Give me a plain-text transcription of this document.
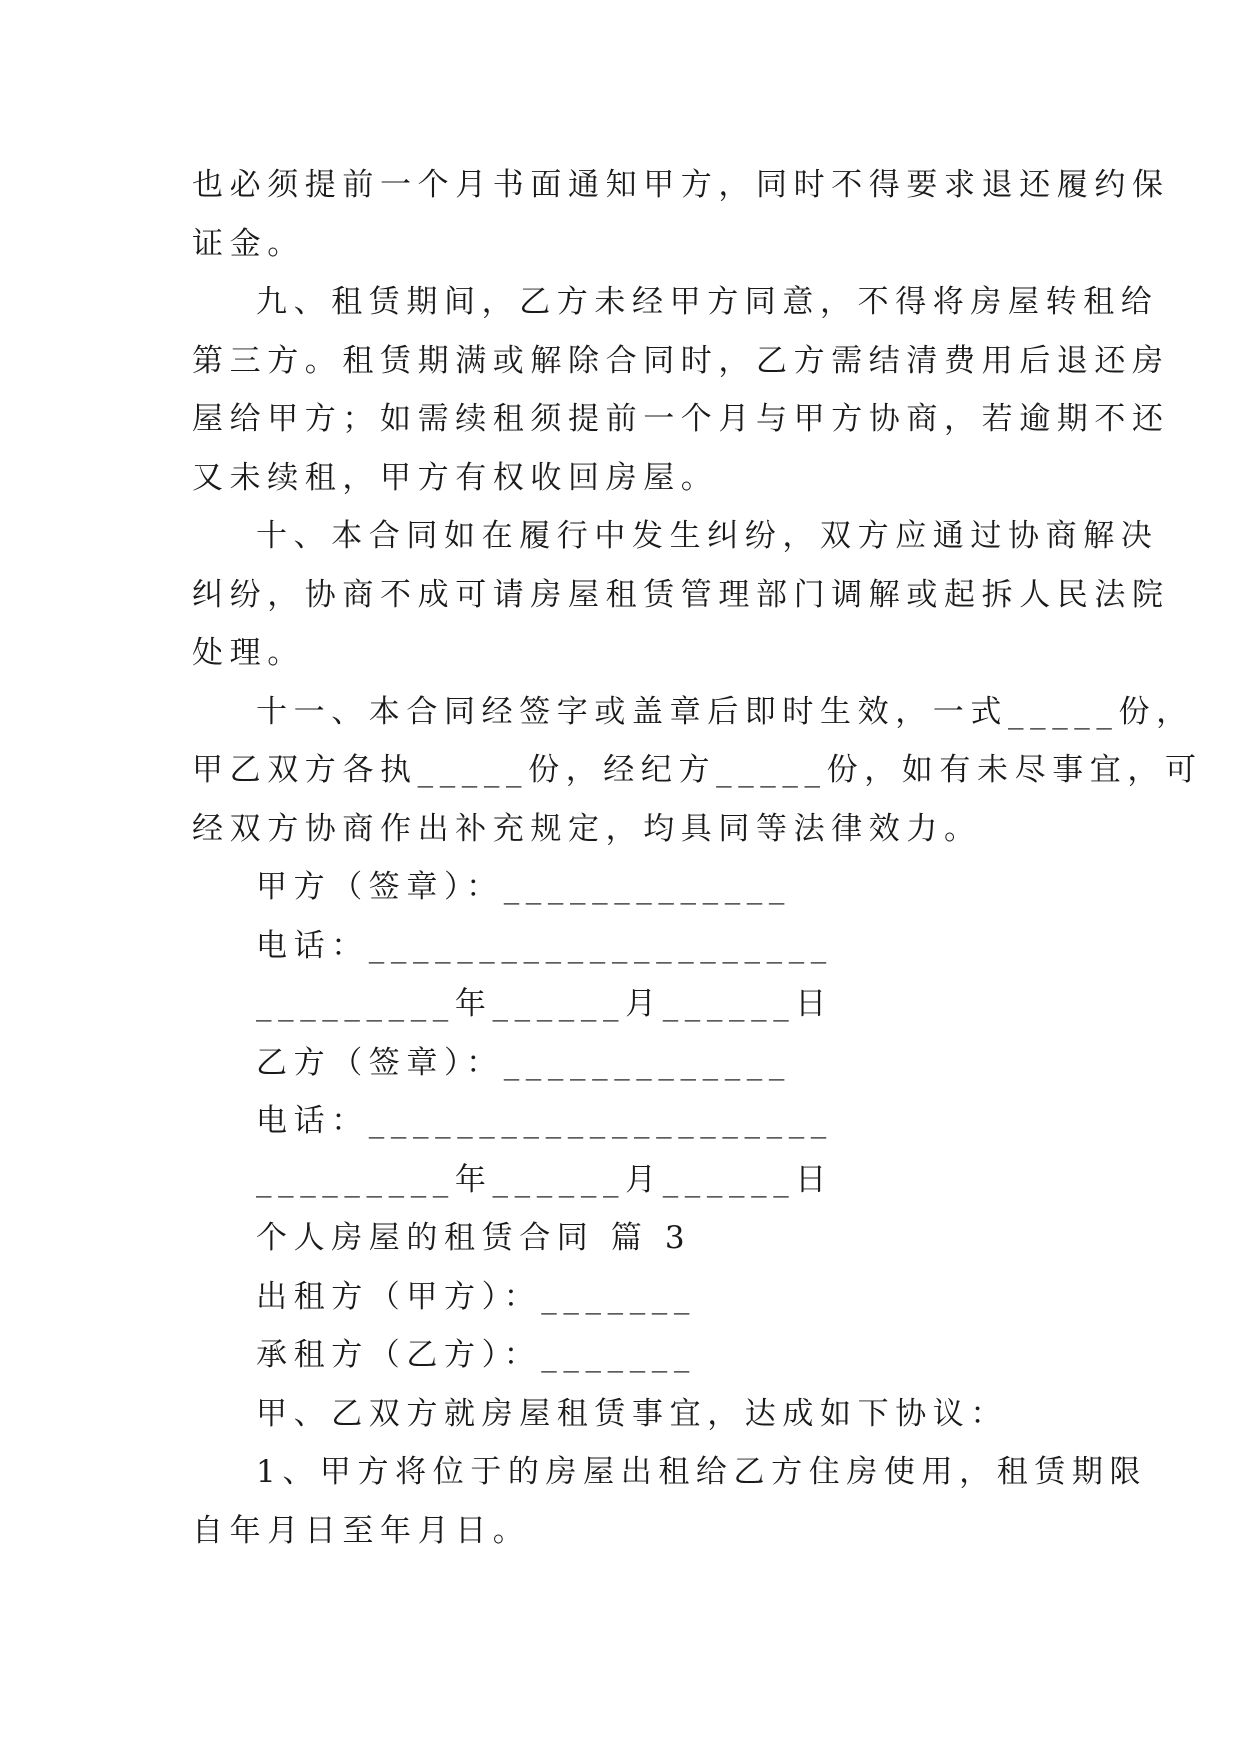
也必须提前一个月书面通知甲方，同时不得要求退还履约保
证金。
九、租赁期间，乙方未经甲方同意，不得将房屋转租给
第三方。租赁期满或解除合同时，乙方需结清费用后退还房
屋给甲方；如需续租须提前一个月与甲方协商，若逾期不还
又未续租，甲方有权收回房屋。
十、本合同如在履行中发生纠纷，双方应通过协商解决
纠纷，协商不成可请房屋租赁管理部门调解或起拆人民法院
处理。
十一、本合同经签字或盖章后即时生效，一式_____份，
甲乙双方各执_____份，经纪方_____份，如有未尽事宜，可
经双方协商作出补充规定，均具同等法律效力。
甲方（签章）：_____________
电话：_____________________
_________年______月______日
乙方（签章）：_____________
电话：_____________________
_________年______月______日
个人房屋的租赁合同 篇 3
出租方（甲方）：_______
承租方（乙方）：_______
甲、乙双方就房屋租赁事宜，达成如下协议：
1、甲方将位于的房屋出租给乙方住房使用，租赁期限
自年月日至年月日。
